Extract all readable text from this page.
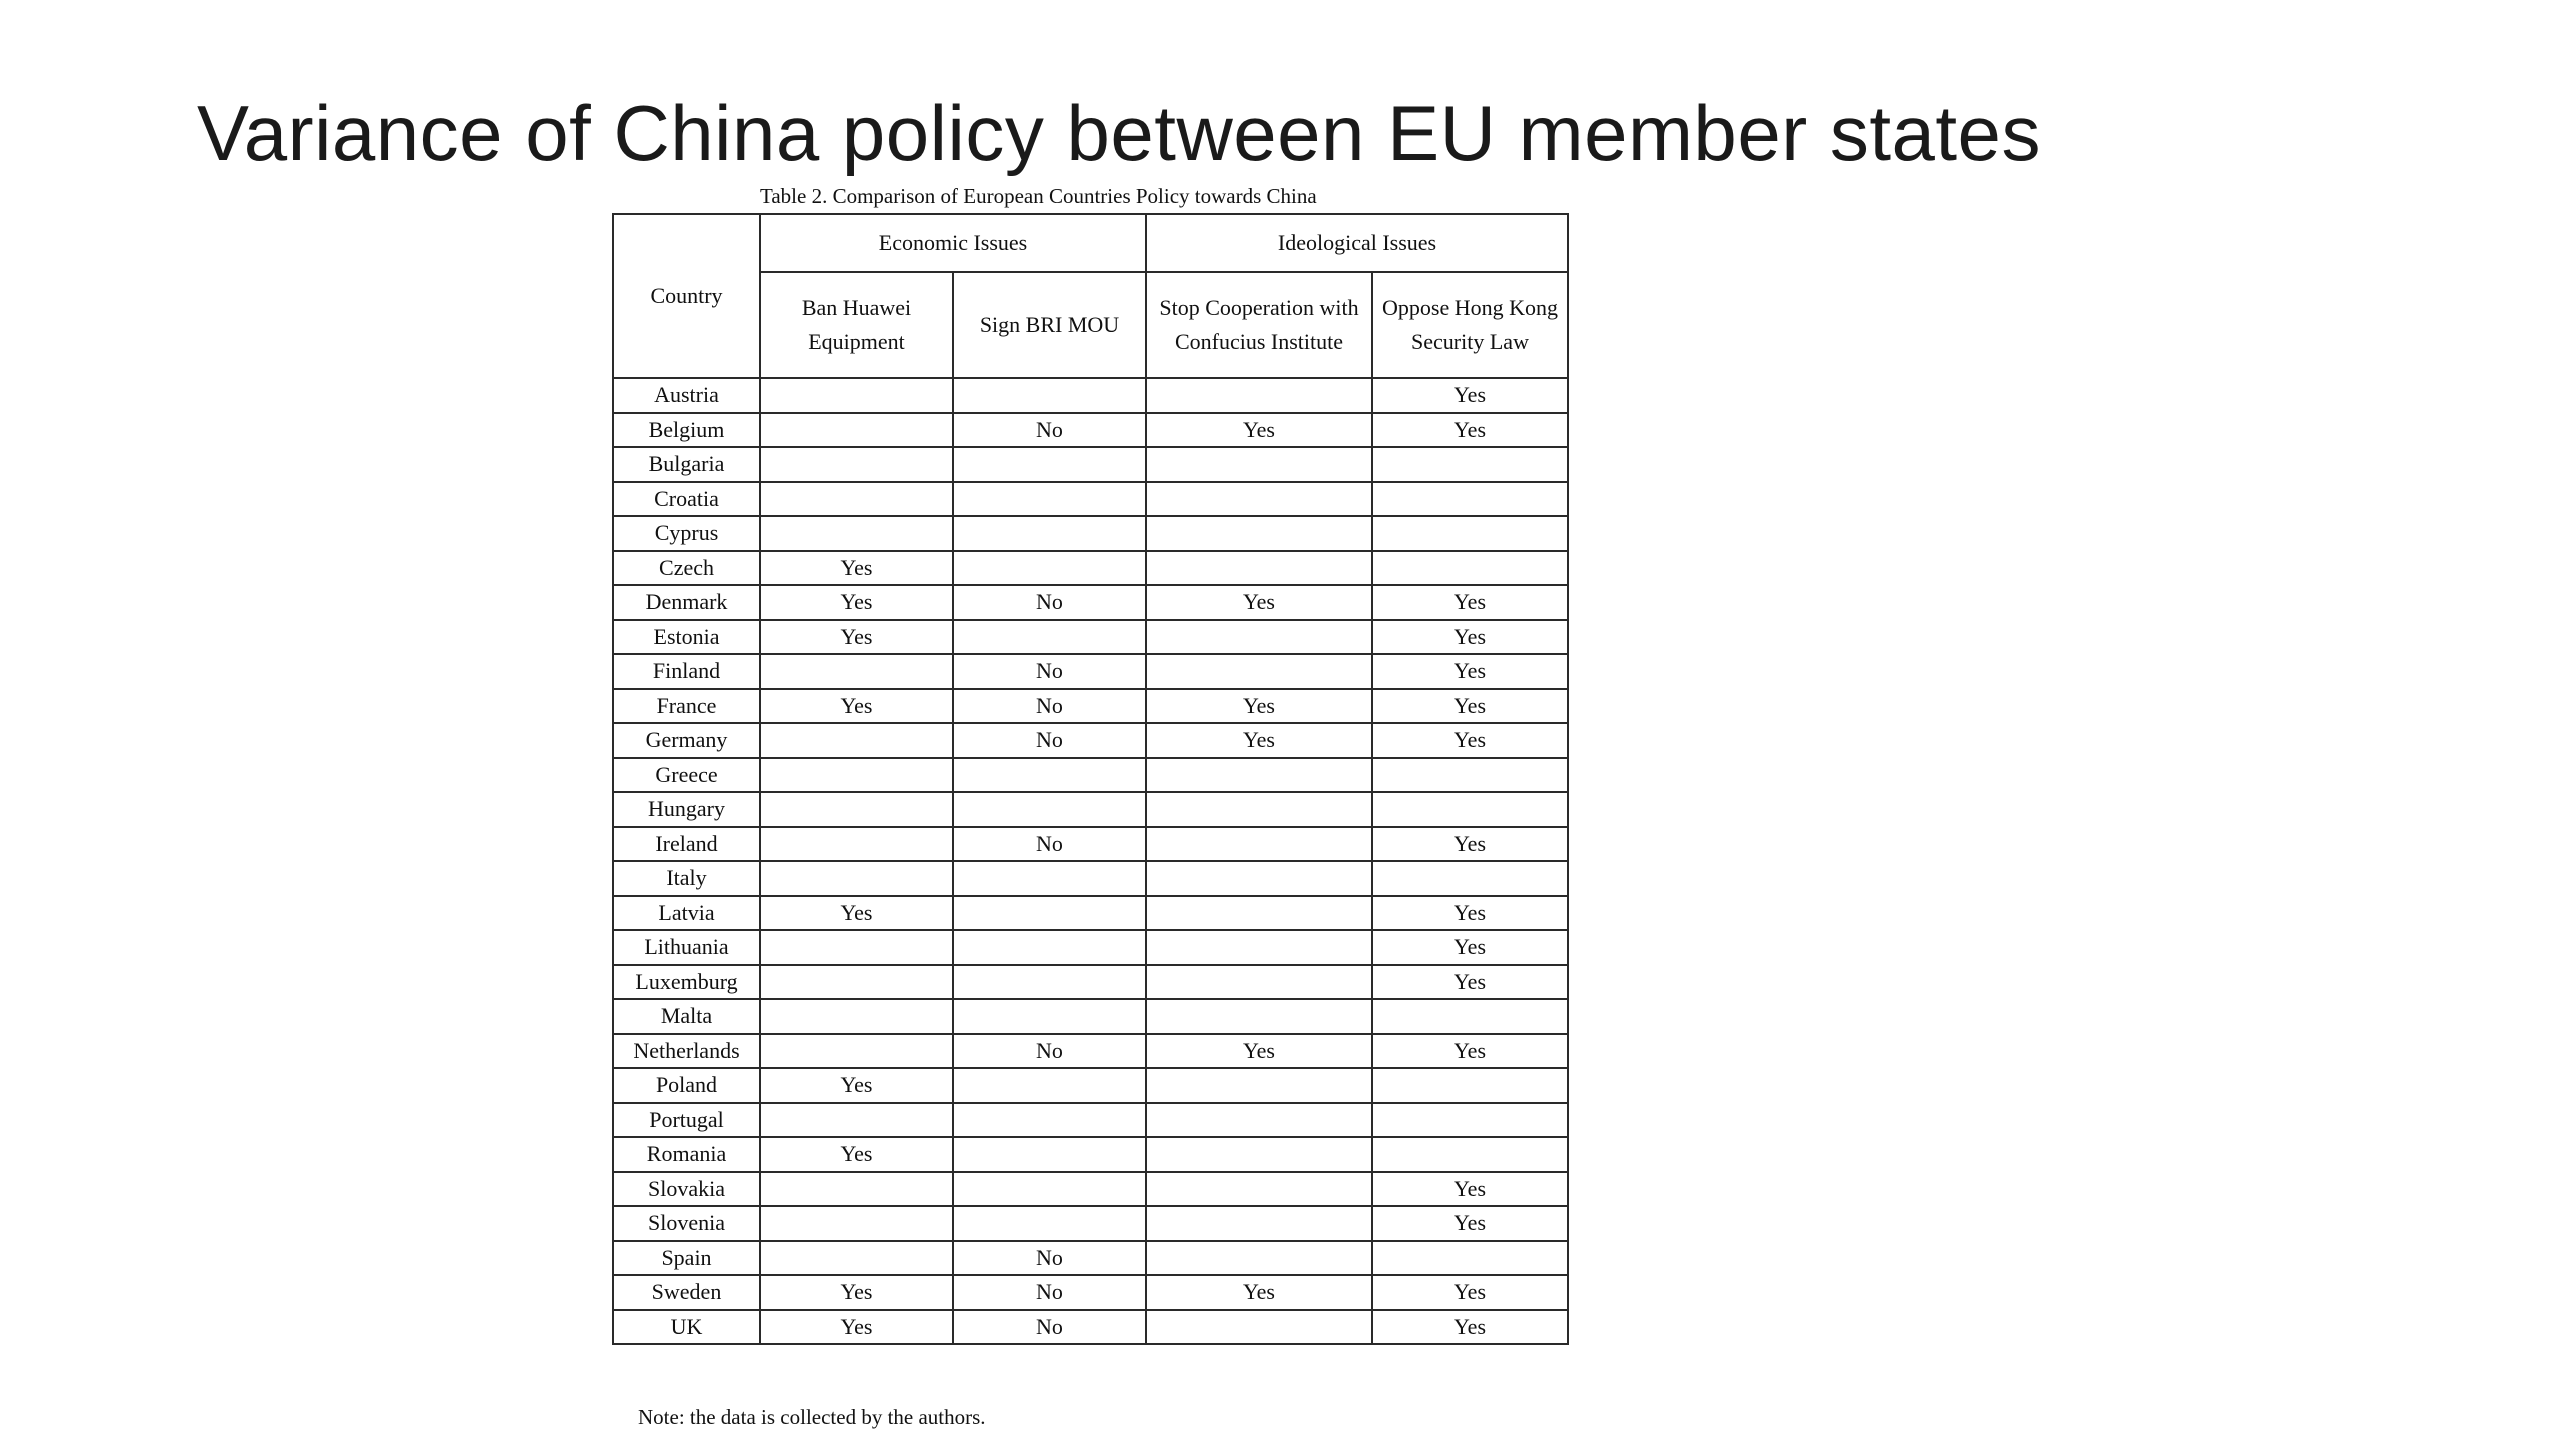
Variance of China policy between EU member states
Table 2. Comparison of European Countries Policy towards China
Country	Economic Issues		Ideological Issues	
	Ban Huawei Equipment	Sign BRI MOU	Stop Cooperation with Confucius Institute	Oppose Hong Kong Security Law
Austria				Yes
Belgium		No	Yes	Yes
Bulgaria				
Croatia				
Cyprus				
Czech	Yes			
Denmark	Yes	No	Yes	Yes
Estonia	Yes			Yes
Finland		No		Yes
France	Yes	No	Yes	Yes
Germany		No	Yes	Yes
Greece				
Hungary				
Ireland		No		Yes
Italy				
Latvia	Yes			Yes
Lithuania				Yes
Luxemburg				Yes
Malta				
Netherlands		No	Yes	Yes
Poland	Yes			
Portugal				
Romania	Yes			
Slovakia				Yes
Slovenia				Yes
Spain		No		
Sweden	Yes	No	Yes	Yes
UK	Yes	No		Yes
Note: the data is collected by the authors.
